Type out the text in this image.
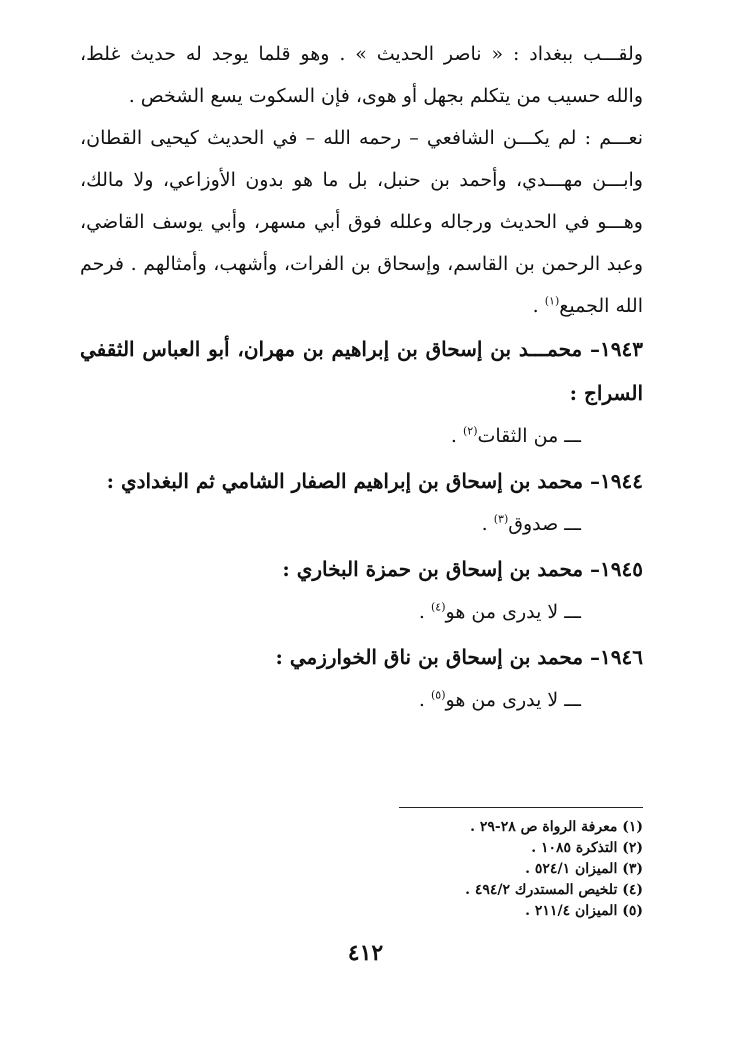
ولقـــب ببغداد : « ناصر الحديث » . وهو قلما يوجد له حديث غلط،
والله حسيب من يتكلم بجهل أو هوى، فإن السكوت يسع الشخص .
نعـــم : لم يكـــن الشافعي – رحمه الله – في الحديث كيحيى القطان،
وابـــن مهـــدي، وأحمد بن حنبل، بل ما هو بدون الأوزاعي، ولا مالك،
وهـــو في الحديث ورجاله وعلله فوق أبي مسهر، وأبي يوسف القاضي،
وعبد الرحمن بن القاسم، وإسحاق بن الفرات، وأشهب، وأمثالهم . فرحم
الله الجميع$^{(١)}$ .
١٩٤٣– محمـــد بن إسحاق بن إبراهيم بن مهران، أبو العباس الثقفي
السراج :
ـــ من الثقات$^{(٢)}$ .
١٩٤٤– محمد بن إسحاق بن إبراهيم الصفار الشامي ثم البغدادي :
ـــ صدوق$^{(٣)}$ .
١٩٤٥– محمد بن إسحاق بن حمزة البخاري :
ـــ لا يدرى من هو$^{(٤)}$ .
١٩٤٦– محمد بن إسحاق بن ناق الخوارزمي :
ـــ لا يدرى من هو$^{(٥)}$ .
(١) معرفة الرواة ص ٢٨-٢٩ .
(٢) التذكرة ١٠٨٥ .
(٣) الميزان ٥٢٤/١ .
(٤) تلخيص المستدرك ٤٩٤/٢ .
(٥) الميزان ٢١١/٤ .
٤١٢
